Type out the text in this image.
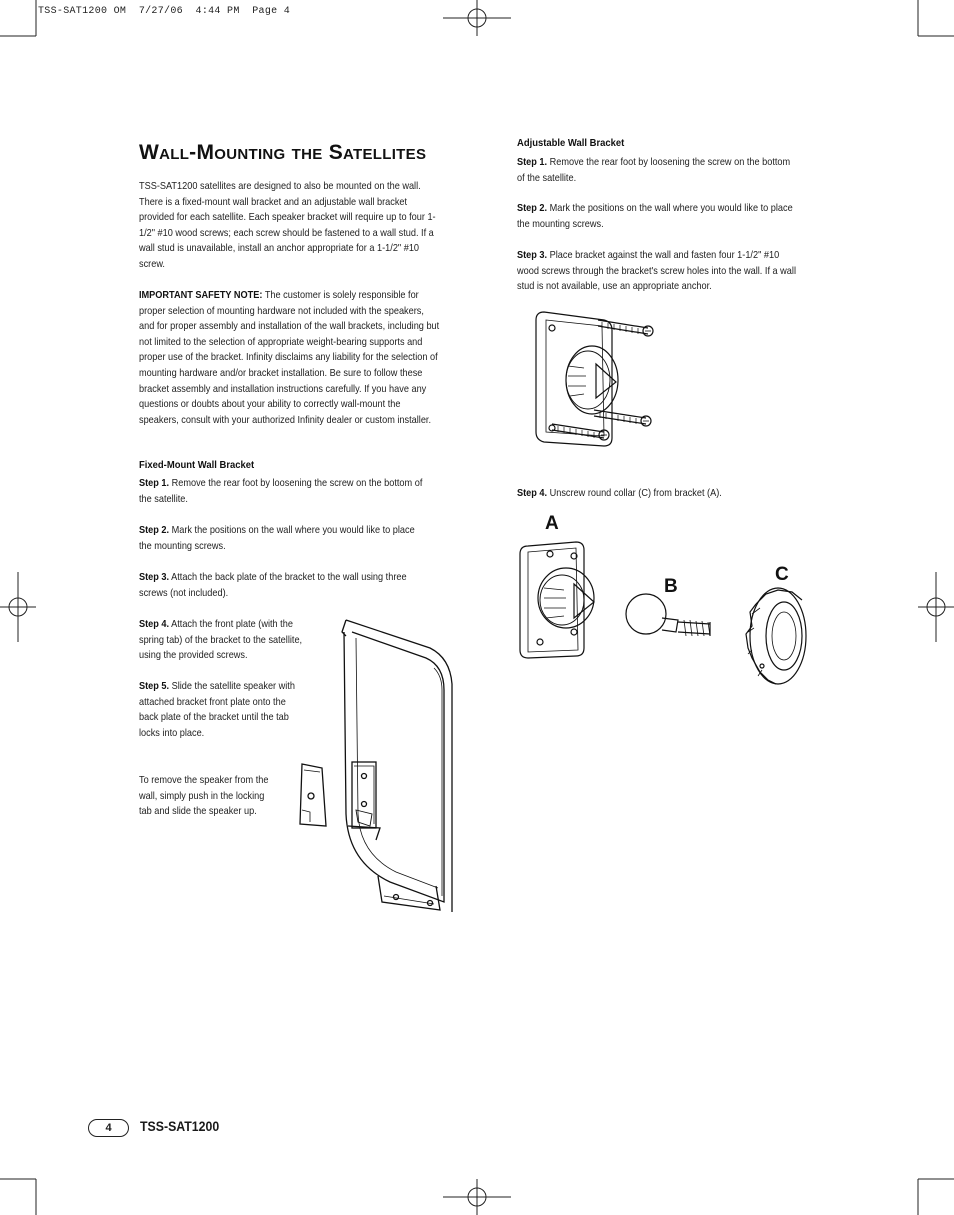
TSS-SAT1200 OM  7/27/06  4:44 PM  Page 4
Wall-Mounting the Satellites
TSS-SAT1200 satellites are designed to also be mounted on the wall. There is a fixed-mount wall bracket and an adjustable wall bracket provided for each satellite. Each speaker bracket will require up to four 1-1/2" #10 wood screws; each screw should be fastened to a wall stud. If a wall stud is unavailable, install an anchor appropriate for a 1-1/2" #10 screw.
IMPORTANT SAFETY NOTE: The customer is solely responsible for proper selection of mounting hardware not included with the speakers, and for proper assembly and installation of the wall brackets, including but not limited to the selection of appropriate weight-bearing supports and proper use of the bracket. Infinity disclaims any liability for the selection of mounting hardware and/or bracket installation. Be sure to follow these bracket assembly and installation instructions carefully. If you have any questions or doubts about your ability to correctly wall-mount the speakers, consult with your authorized Infinity dealer or custom installer.
Fixed-Mount Wall Bracket
Step 1. Remove the rear foot by loosening the screw on the bottom of the satellite.
Step 2. Mark the positions on the wall where you would like to place the mounting screws.
Step 3. Attach the back plate of the bracket to the wall using three screws (not included).
Step 4. Attach the front plate (with the spring tab) of the bracket to the satellite, using the provided screws.
Step 5. Slide the satellite speaker with attached bracket front plate onto the back plate of the bracket until the tab locks into place.
To remove the speaker from the wall, simply push in the locking tab and slide the speaker up.
Adjustable Wall Bracket
Step 1. Remove the rear foot by loosening the screw on the bottom of the satellite.
Step 2. Mark the positions on the wall where you would like to place the mounting screws.
Step 3. Place bracket against the wall and fasten four 1-1/2" #10 wood screws through the bracket's screw holes into the wall. If a wall stud is not available, use an appropriate anchor.
Step 4. Unscrew round collar (C) from bracket (A).
A
B
C
4	TSS-SAT1200
